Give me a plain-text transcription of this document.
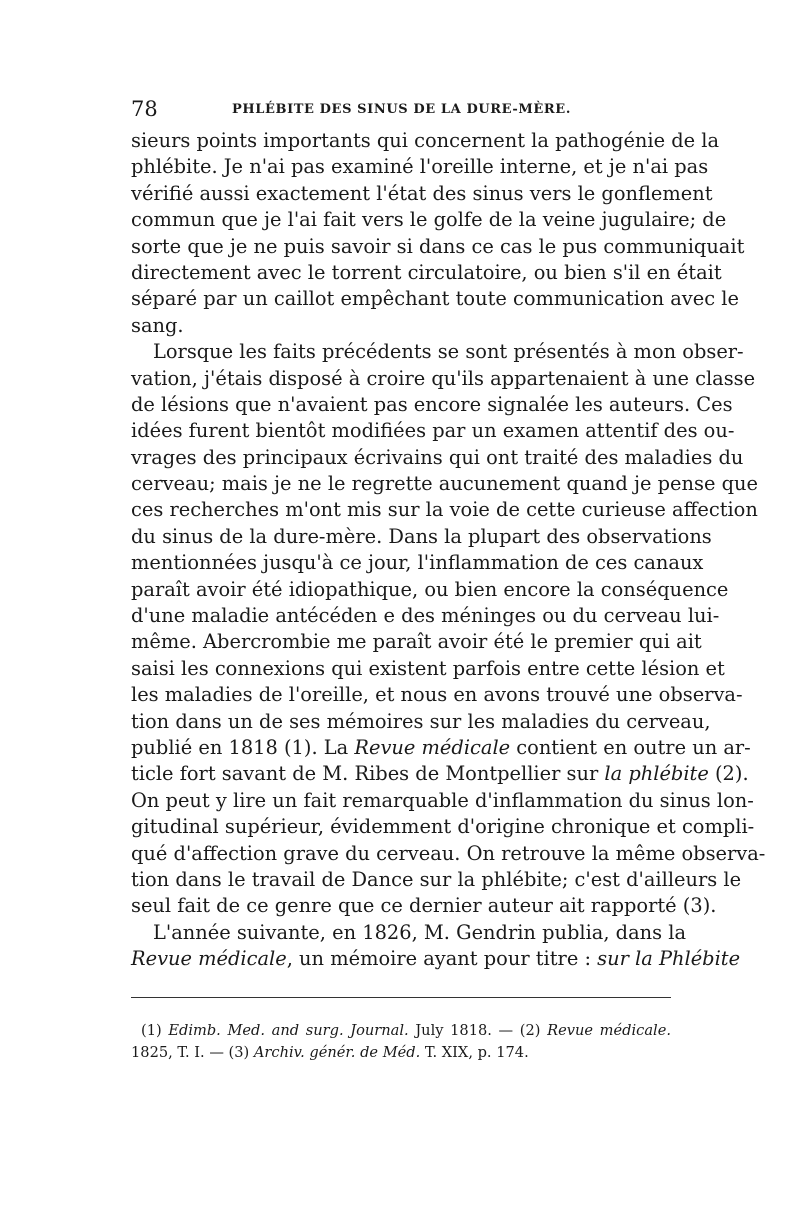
78	PHLÉBITE DES SINUS DE LA DURE-MÈRE.
sieurs points importants qui concernent la pathogénie de la
phlébite. Je n'ai pas examiné l'oreille interne, et je n'ai pas
vérifié aussi exactement l'état des sinus vers le gonflement
commun que je l'ai fait vers le golfe de la veine jugulaire; de
sorte que je ne puis savoir si dans ce cas le pus communiquait
directement avec le torrent circulatoire, ou bien s'il en était
séparé par un caillot empêchant toute communication avec le
sang.
Lorsque les faits précédents se sont présentés à mon obser-
vation, j'étais disposé à croire qu'ils appartenaient à une classe
de lésions que n'avaient pas encore signalée les auteurs. Ces
idées furent bientôt modifiées par un examen attentif des ou-
vrages des principaux écrivains qui ont traité des maladies du
cerveau; mais je ne le regrette aucunement quand je pense que
ces recherches m'ont mis sur la voie de cette curieuse affection
du sinus de la dure-mère. Dans la plupart des observations
mentionnées jusqu'à ce jour, l'inflammation de ces canaux
paraît avoir été idiopathique, ou bien encore la conséquence
d'une maladie antécéden e des méninges ou du cerveau lui-
même. Abercrombie me paraît avoir été le premier qui ait
saisi les connexions qui existent parfois entre cette lésion et
les maladies de l'oreille, et nous en avons trouvé une observa-
tion dans un de ses mémoires sur les maladies du cerveau,
publié en 1818 (1). La Revue médicale contient en outre un ar-
ticle fort savant de M. Ribes de Montpellier sur la phlébite (2).
On peut y lire un fait remarquable d'inflammation du sinus lon-
gitudinal supérieur, évidemment d'origine chronique et compli-
qué d'affection grave du cerveau. On retrouve la même observa-
tion dans le travail de Dance sur la phlébite; c'est d'ailleurs le
seul fait de ce genre que ce dernier auteur ait rapporté (3).
L'année suivante, en 1826, M. Gendrin publia, dans la
Revue médicale, un mémoire ayant pour titre : sur la Phlébite
(1) Edimb. Med. and surg. Journal. July 1818. — (2) Revue médicale.
1825, T. I. — (3) Archiv. génér. de Méd. T. XIX, p. 174.
